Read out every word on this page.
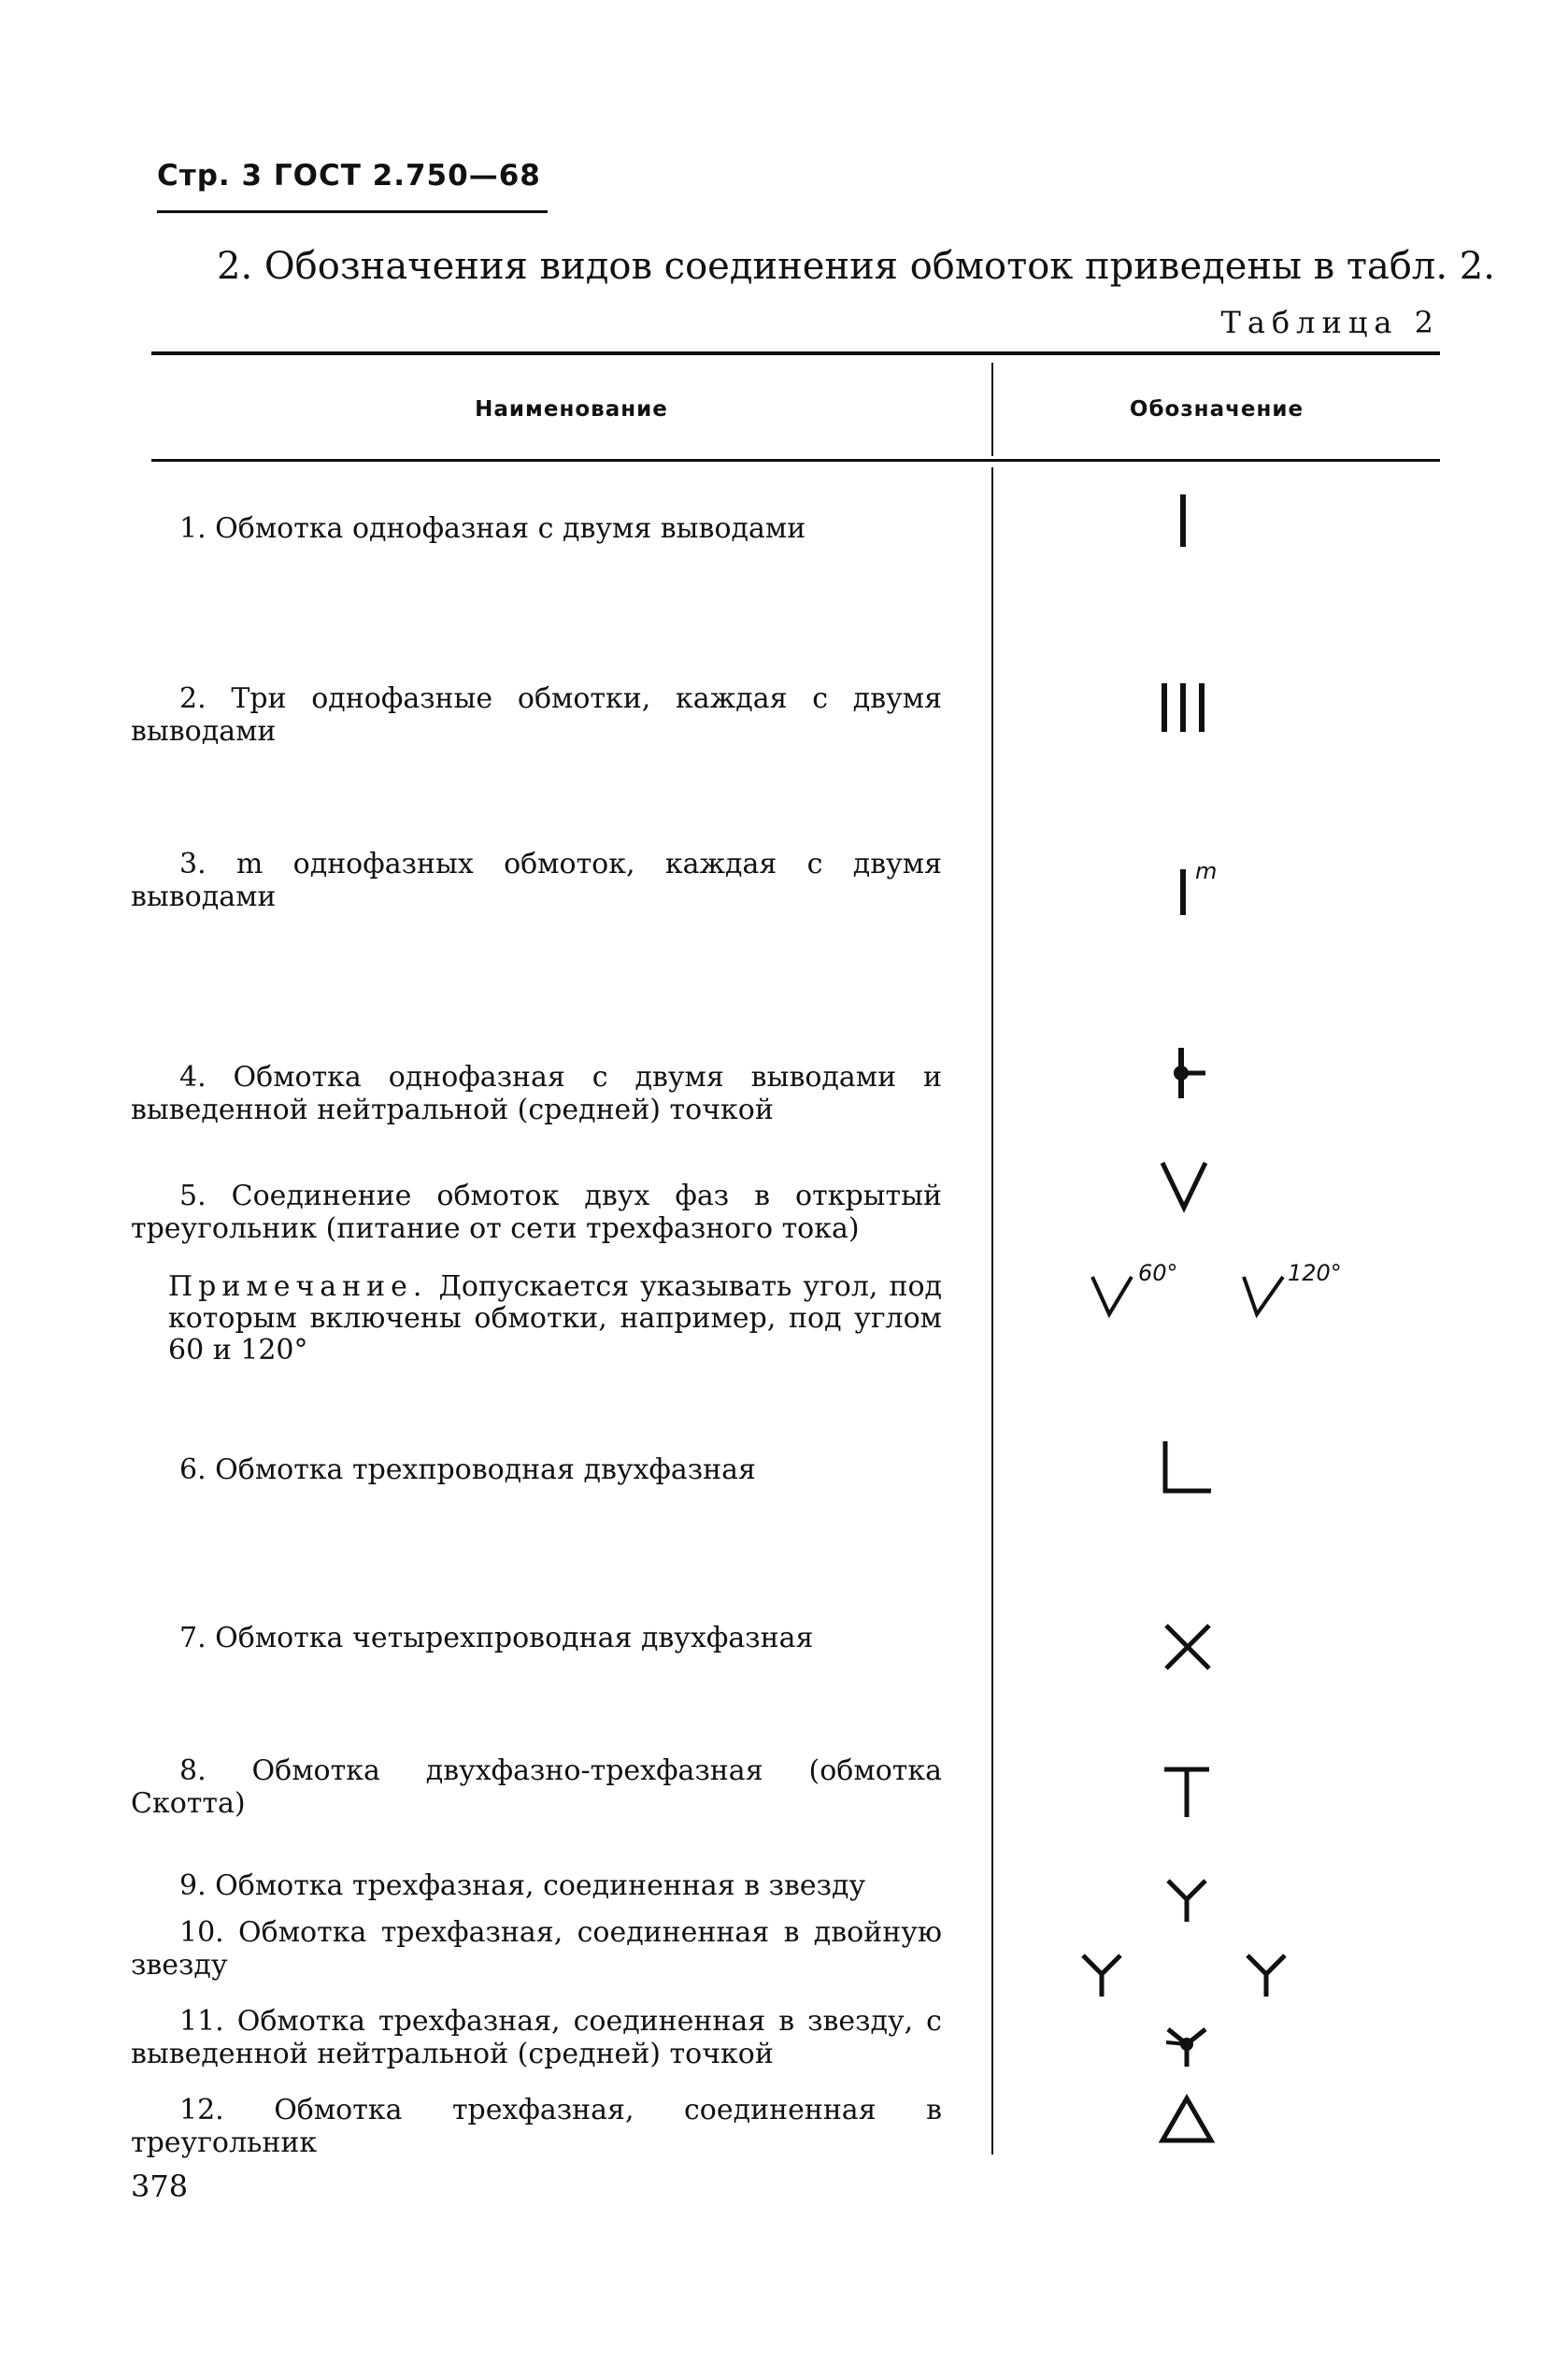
Стр. 3 ГОСТ 2.750—68
2. Обозначения видов соединения обмоток приведены в табл. 2.
Таблица 2
Наименование	Обозначение

1. Обмотка однофазная с двумя выводами

2. Три однофазные обмотки, каждая с двумя выводами

3. m однофазных обмоток, каждая с двумя выводами

4. Обмотка однофазная с двумя выводами и выведенной нейтральной (средней) точкой

5. Соединение обмоток двух фаз в открытый треугольник (питание от сети трехфазного тока)

Примечание. Допускается указывать угол, под которым включены обмотки, например, под углом 60 и 120°

6. Обмотка трехпроводная двухфазная

7. Обмотка четырехпроводная двухфазная

8. Обмотка двухфазно-трехфазная (обмотка Скотта)

9. Обмотка трехфазная, соединенная в звезду

10. Обмотка трехфазная, соединенная в двойную звезду

11. Обмотка трехфазная, соединенная в звезду, с выведенной нейтральной (средней) точкой

12. Обмотка трехфазная, соединенная в треугольник

m
60°	120°
378
